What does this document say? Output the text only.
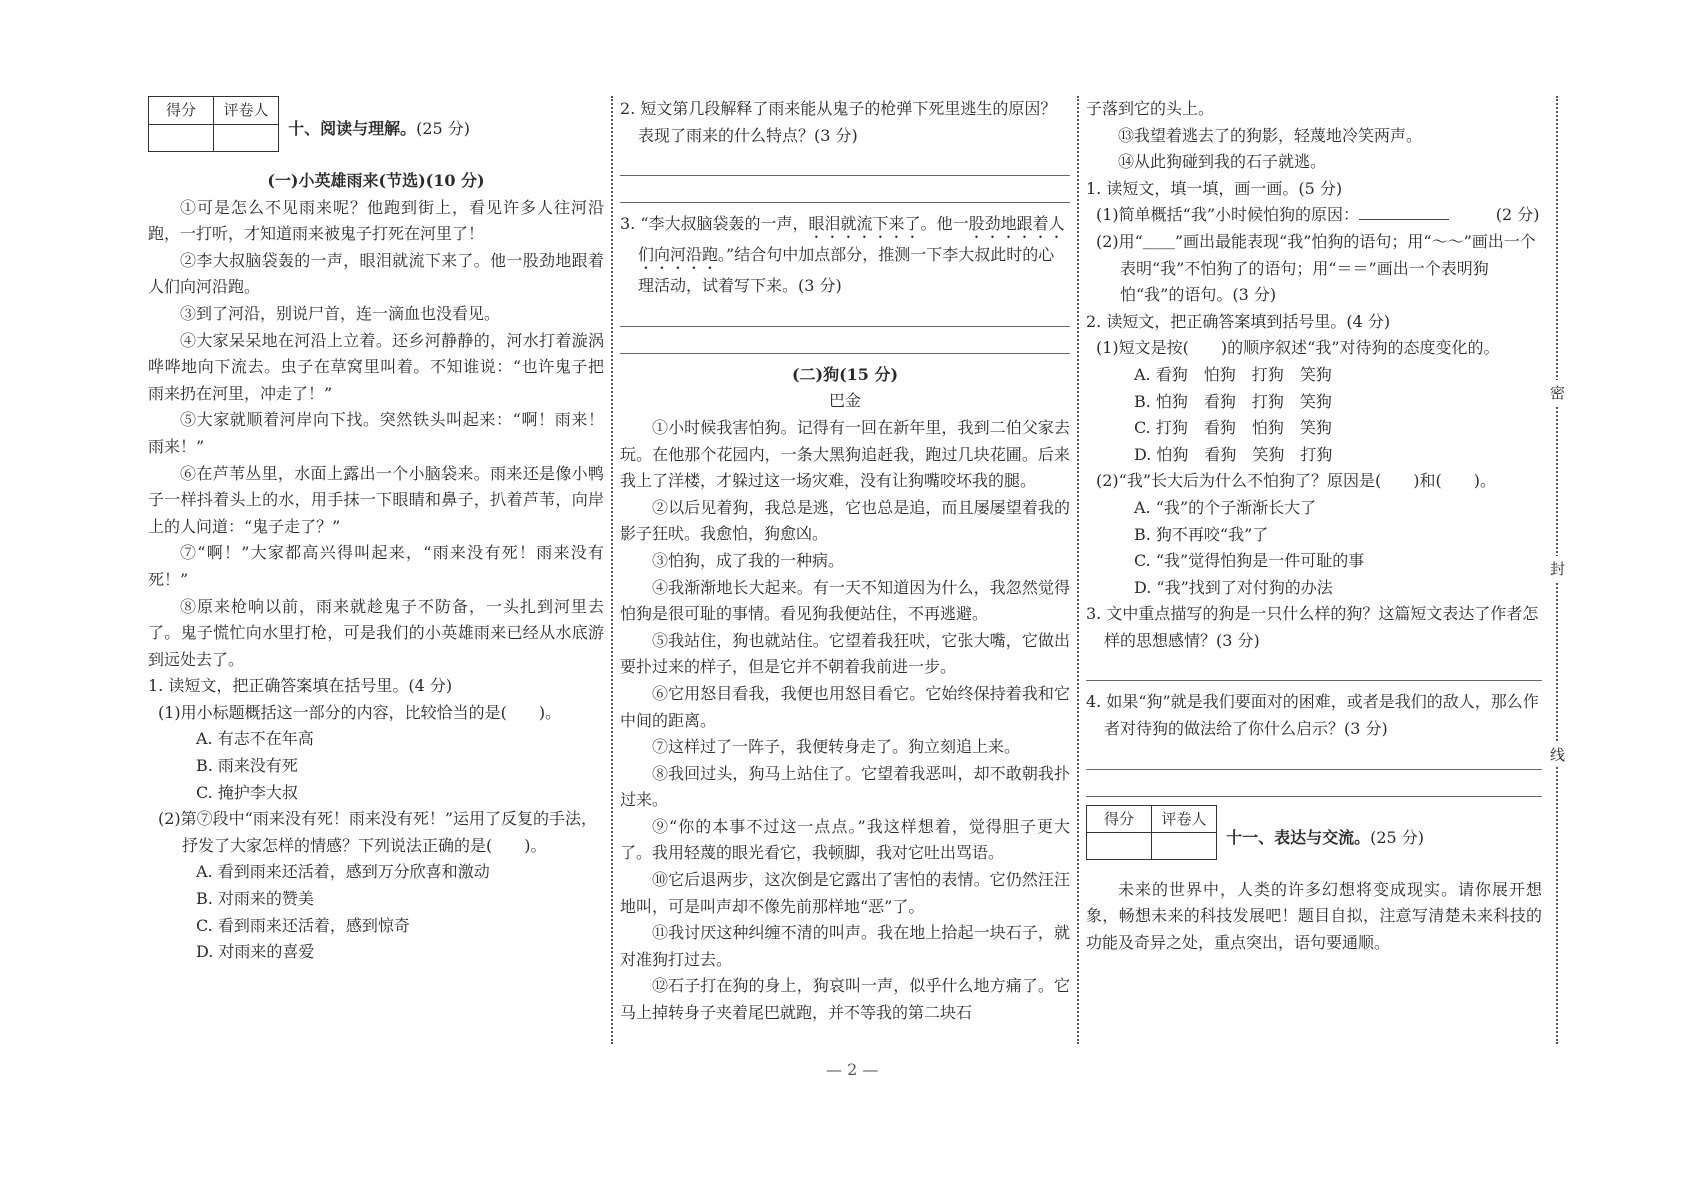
密
封
线
得分	评卷人
	十、阅读与理解。(25 分)

(一)小英雄雨来(节选)(10 分)

①可是怎么不见雨来呢？他跑到街上，看见许多人往河沿跑，一打听，才知道雨来被鬼子打死在河里了！

②李大叔脑袋轰的一声，眼泪就流下来了。他一股劲地跟着人们向河沿跑。

③到了河沿，别说尸首，连一滴血也没看见。

④大家呆呆地在河沿上立着。还乡河静静的，河水打着漩涡哗哗地向下流去。虫子在草窝里叫着。不知谁说：“也许鬼子把雨来扔在河里，冲走了！”

⑤大家就顺着河岸向下找。突然铁头叫起来：“啊！雨来！雨来！”

⑥在芦苇丛里，水面上露出一个小脑袋来。雨来还是像小鸭子一样抖着头上的水，用手抹一下眼睛和鼻子，扒着芦苇，向岸上的人问道：“鬼子走了？”

⑦“啊！”大家都高兴得叫起来，“雨来没有死！雨来没有死！”

⑧原来枪响以前，雨来就趁鬼子不防备，一头扎到河里去了。鬼子慌忙向水里打枪，可是我们的小英雄雨来已经从水底游到远处去了。

1. 读短文，把正确答案填在括号里。(4 分)

(1)用小标题概括这一部分的内容，比较恰当的是(　　)。

A. 有志不在年高

B. 雨来没有死

C. 掩护李大叔

(2)第⑦段中“雨来没有死！雨来没有死！”运用了反复的手法，抒发了大家怎样的情感？下列说法正确的是(　　)。

A. 看到雨来还活着，感到万分欣喜和激动

B. 对雨来的赞美

C. 看到雨来还活着，感到惊奇

D. 对雨来的喜爱

2. 短文第几段解释了雨来能从鬼子的枪弹下死里逃生的原因？表现了雨来的什么特点？(3 分)

3. “李大叔脑袋轰的一声，眼泪就流下来了。他一股劲地跟着人们向河沿跑。”结合句中加点部分，推测一下李大叔此时的心理活动，试着写下来。(3 分)

(二)狗(15 分)

巴金

①小时候我害怕狗。记得有一回在新年里，我到二伯父家去玩。在他那个花园内，一条大黑狗追赶我，跑过几块花圃。后来我上了洋楼，才躲过这一场灾难，没有让狗嘴咬坏我的腿。

②以后见着狗，我总是逃，它也总是追，而且屡屡望着我的影子狂吠。我愈怕，狗愈凶。

③怕狗，成了我的一种病。

④我渐渐地长大起来。有一天不知道因为什么，我忽然觉得怕狗是很可耻的事情。看见狗我便站住，不再逃避。

⑤我站住，狗也就站住。它望着我狂吠，它张大嘴，它做出要扑过来的样子，但是它并不朝着我前进一步。

⑥它用怒目看我，我便也用怒目看它。它始终保持着我和它中间的距离。

⑦这样过了一阵子，我便转身走了。狗立刻追上来。

⑧我回过头，狗马上站住了。它望着我恶叫，却不敢朝我扑过来。

⑨“你的本事不过这一点点。”我这样想着，觉得胆子更大了。我用轻蔑的眼光看它，我顿脚，我对它吐出骂语。

⑩它后退两步，这次倒是它露出了害怕的表情。它仍然汪汪地叫，可是叫声却不像先前那样地“恶”了。

⑪我讨厌这种纠缠不清的叫声。我在地上拾起一块石子，就对准狗打过去。

⑫石子打在狗的身上，狗哀叫一声，似乎什么地方痛了。它马上掉转身子夹着尾巴就跑，并不等我的第二块石

子落到它的头上。

⑬我望着逃去了的狗影，轻蔑地冷笑两声。

⑭从此狗碰到我的石子就逃。

1. 读短文，填一填，画一画。(5 分)

(1)简单概括“我”小时候怕狗的原因：	(2 分)

(2)用“＿＿”画出最能表现“我”怕狗的语句；用“～～”画出一个表明“我”不怕狗了的语句；用“＝＝”画出一个表明狗怕“我”的语句。(3 分)

2. 读短文，把正确答案填到括号里。(4 分)

(1)短文是按(　　)的顺序叙述“我”对待狗的态度变化的。

A. 看狗　怕狗　打狗　笑狗

B. 怕狗　看狗　打狗　笑狗

C. 打狗　看狗　怕狗　笑狗

D. 怕狗　看狗　笑狗　打狗

(2)“我”长大后为什么不怕狗了？原因是(　　)和(　　)。

A. “我”的个子渐渐长大了

B. 狗不再咬“我”了

C. “我”觉得怕狗是一件可耻的事

D. “我”找到了对付狗的办法

3. 文中重点描写的狗是一只什么样的狗？这篇短文表达了作者怎样的思想感情？(3 分)

4. 如果“狗”就是我们要面对的困难，或者是我们的敌人，那么作者对待狗的做法给了你什么启示？(3 分)

得分	评卷人
	十一、表达与交流。(25 分)

未来的世界中，人类的许多幻想将变成现实。请你展开想象，畅想未来的科技发展吧！题目自拟，注意写清楚未来科技的功能及奇异之处，重点突出，语句要通顺。

— 2 —
